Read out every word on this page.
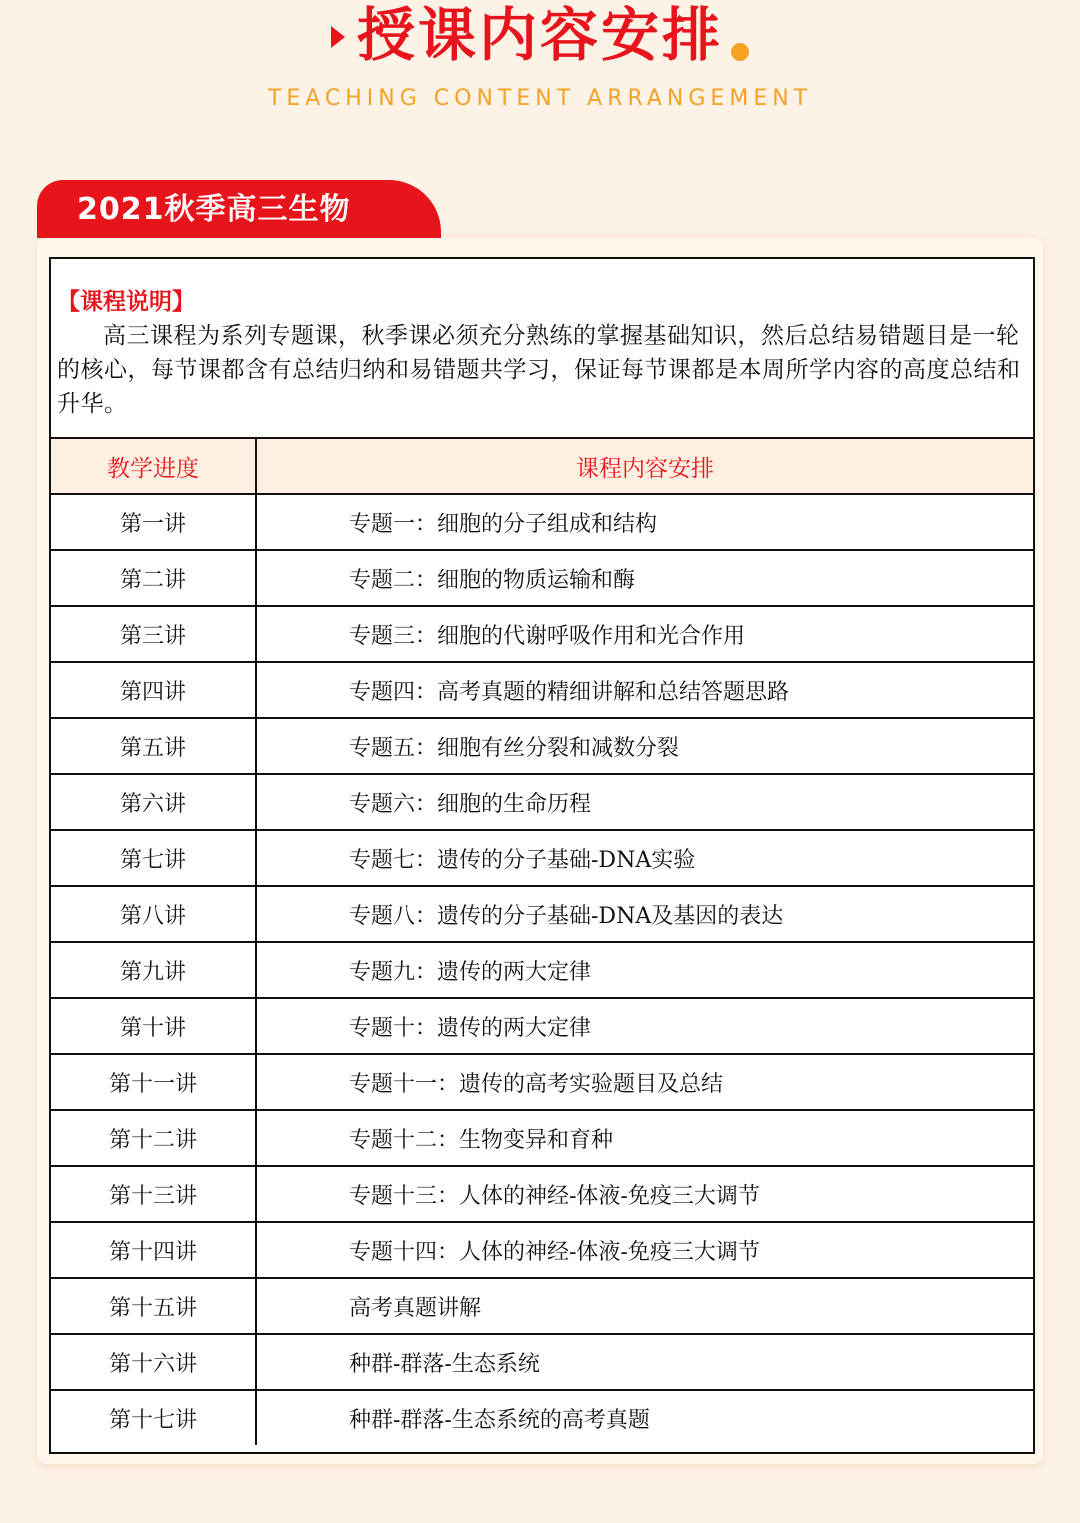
授课内容安排
TEACHING CONTENT ARRANGEMENT
2021秋季高三生物
【课程说明】
高三课程为系列专题课，秋季课必须充分熟练的掌握基础知识，然后总结易错题目是一轮的核心，每节课都含有总结归纳和易错题共学习，保证每节课都是本周所学内容的高度总结和升华。
教学进度	课程内容安排
第一讲	专题一：细胞的分子组成和结构
第二讲	专题二：细胞的物质运输和酶
第三讲	专题三：细胞的代谢呼吸作用和光合作用
第四讲	专题四：高考真题的精细讲解和总结答题思路
第五讲	专题五：细胞有丝分裂和减数分裂
第六讲	专题六：细胞的生命历程
第七讲	专题七：遗传的分子基础-DNA实验
第八讲	专题八：遗传的分子基础-DNA及基因的表达
第九讲	专题九：遗传的两大定律
第十讲	专题十：遗传的两大定律
第十一讲	专题十一：遗传的高考实验题目及总结
第十二讲	专题十二：生物变异和育种
第十三讲	专题十三：人体的神经-体液-免疫三大调节
第十四讲	专题十四：人体的神经-体液-免疫三大调节
第十五讲	高考真题讲解
第十六讲	种群-群落-生态系统
第十七讲	种群-群落-生态系统的高考真题
